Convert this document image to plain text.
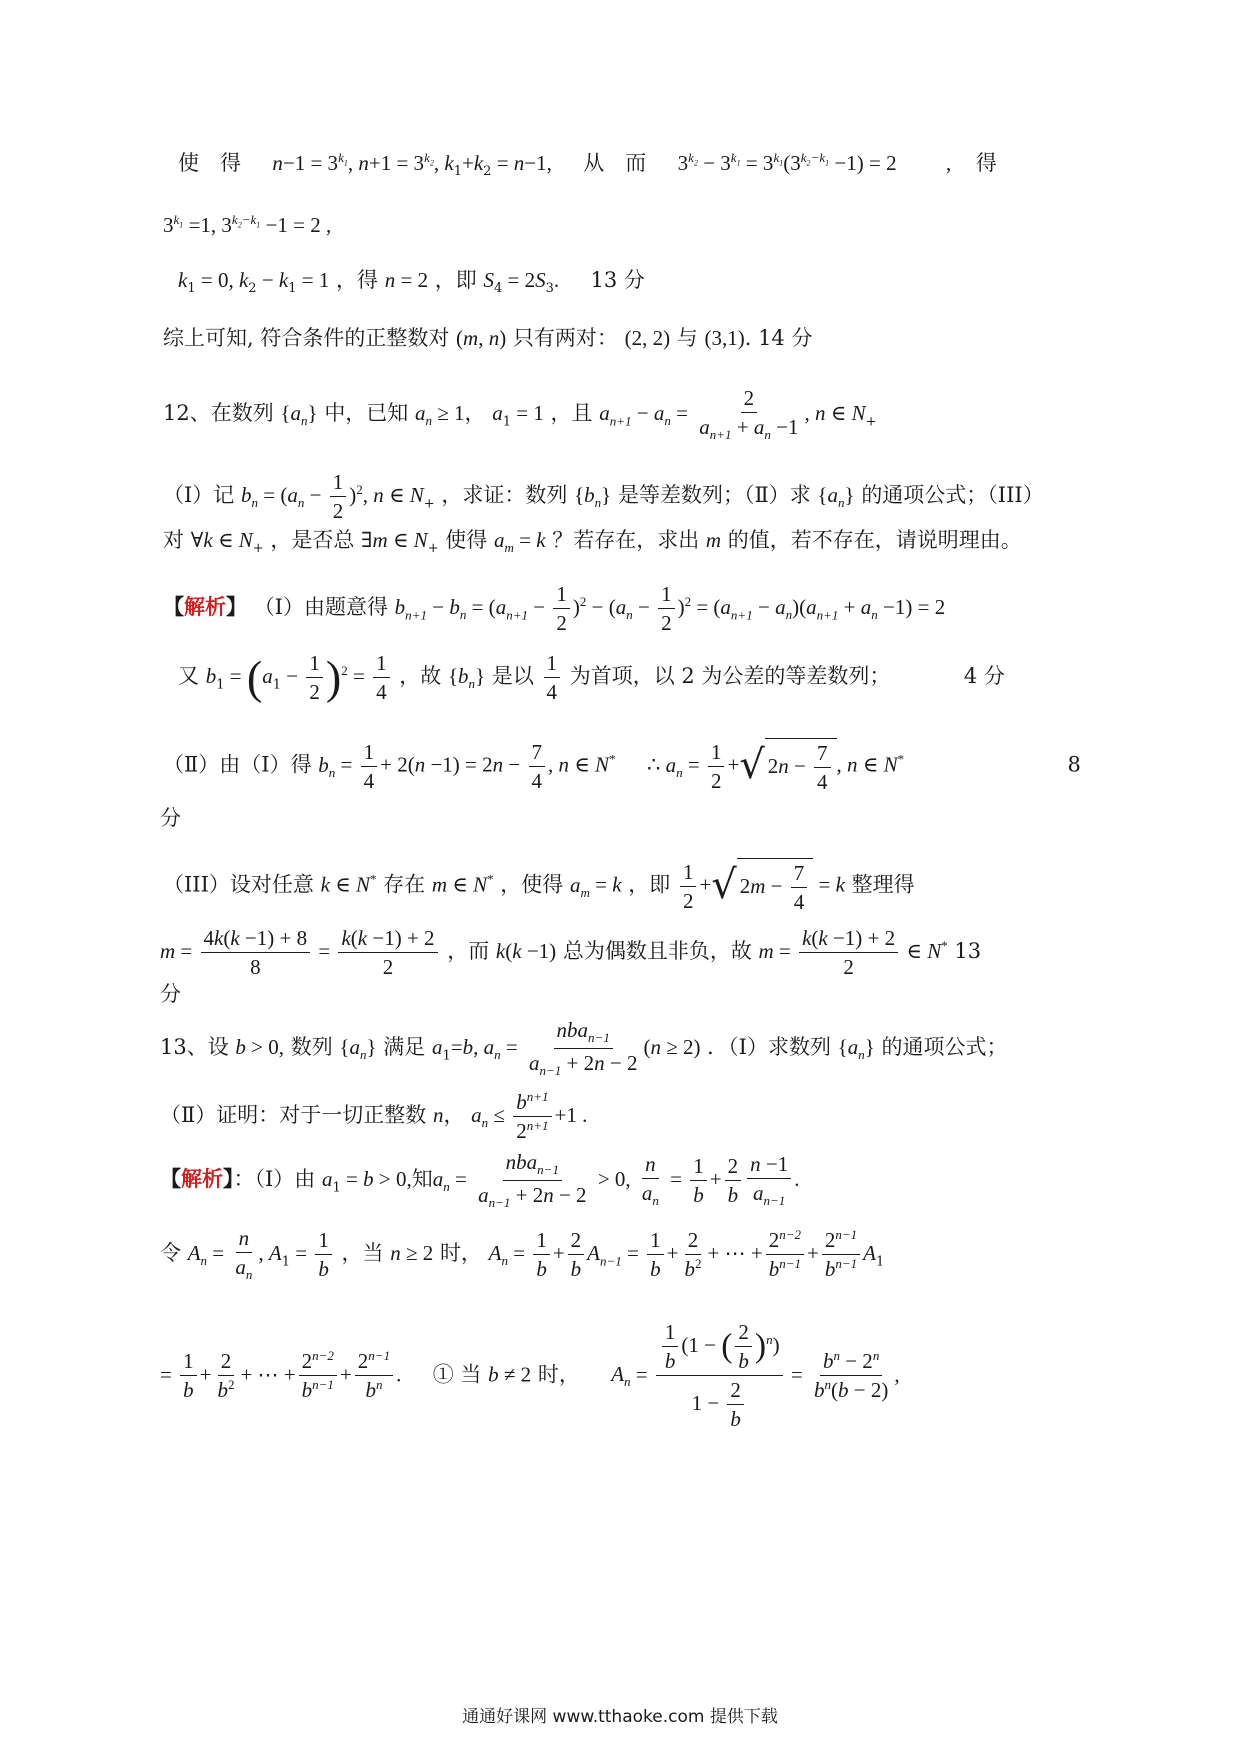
使　得 $n-1 = 3^{k_1}$, $n+1 = 3^{k_2}$, $k_1+k_2 = n-1$, 从　而 $3^{k_2} - 3^{k_1} = 3^{k_1}(3^{k_2-k_1} -1) = 2$ , 得
$3^{k_1} =1$, $3^{k_2-k_1} -1 = 2$ ,
$k_1 = 0$, $k_2 - k_1 = 1$ ，得 n = 2 ，即 $S_4 = 2S_3$. 13 分
综上可知, 符合条件的正整数对 (m, n) 只有两对： (2, 2) 与 (3,1). 14 分
12、在数列 $\{a_n\}$ 中，已知 $a_n \ge 1$， $a_1 = 1$ ，且 $a_{n+1} - a_n = \frac{2}{a_{n+1} + a_n -1}$ , n ∈ $N_+$
（Ⅰ）记 $b_n = (a_n - \frac{1}{2} )^2$, n ∈ $N_+$ ，求证：数列 $\{b_n\}$ 是等差数列；（Ⅱ）求 $\{a_n\}$ 的通项公式；（III）
对 ∀k ∈ $N_+$ ，是否总 ∃m ∈ $N_+$ 使得 $a_m = k$ ？若存在，求出 m 的值，若不存在，请说明理由。
【解析】 （Ⅰ）由题意得 $b_{n+1} - b_n = (a_{n+1} - \frac{1}{2} )^2 - (a_n - \frac{1}{2} )^2 = (a_{n+1} - a_n)(a_{n+1} + a_n -1) = 2$
又 $b_1 = (a_1 - \frac{1}{2} )^2 = \frac{1}{4}$ ，故 $\{b_n\}$ 是以 $\frac{1}{4}$ 为首项，以 2 为公差的等差数列；	4 分
（Ⅱ）由（Ⅰ）得 $b_n = \frac{1}{4} + 2(n -1) = 2n - \frac{7}{4}$ , n ∈ N* ∴ $a_n = \frac{1}{2}$ +√ $2n - \frac{7}{4}$ , n ∈ N*	8
分
（III）设对任意 k ∈ N* 存在 m ∈ N* ，使得 $a_m = k$ ，即 $\frac{1}{2}$ +√ $2m - \frac{7}{4} = k$ 整理得
$m = \frac{4k(k -1) + 8}{8} = \frac{k(k -1) + 2}{2}$ ，而 k(k −1) 总为偶数且非负，故 $m = \frac{k(k -1) + 2}{2}$ ∈ N* 13
分
13、设 b > 0, 数列 $\{a_n\}$ 满足 $a_1=b$, $a_n = \frac{nba_{n-1}}{a_{n-1} + 2n - 2} (n \ge 2)$ ．（Ⅰ）求数列 $\{a_n\}$ 的通项公式；
（Ⅱ）证明：对于一切正整数 n， $a_n \le \frac{b^{n+1}}{2^{n+1}} +1$ .
【解析】：（Ⅰ）由 $a_1 = b > 0$,知$a_n = \frac{nba_{n-1}}{a_{n-1} + 2n - 2} > 0$, $\frac{n}{a_n} = \frac{1}{b} + \frac{2}{b} \frac{n -1}{a_{n-1}}$ .
令 $A_n = \frac{n}{a_n}$ , $A_1 = \frac{1}{b}$ ，当 n ≥ 2 时， $A_n = \frac{1}{b} + \frac{2}{b} A_{n-1} = \frac{1}{b} + \frac{2}{b^2}$ + ⋯ + $\frac{2^{n-2}}{b^{n-1}} + \frac{2^{n-1}}{b^{n-1}} A_1$
= $\frac{1}{b} + \frac{2}{b^2}$ + ⋯ + $\frac{2^{n-2}}{b^{n-1}} + \frac{2^{n-1}}{b^n}$ . ① 当 b ≠ 2 时， $A_n = \frac{\frac{1}{b} (1 - ( \frac{2}{b} )^n)}{1 - \frac{2}{b}} = \frac{b^n - 2^n}{b^n(b - 2)}$ ,
通通好课网 www.tthaoke.com 提供下载
